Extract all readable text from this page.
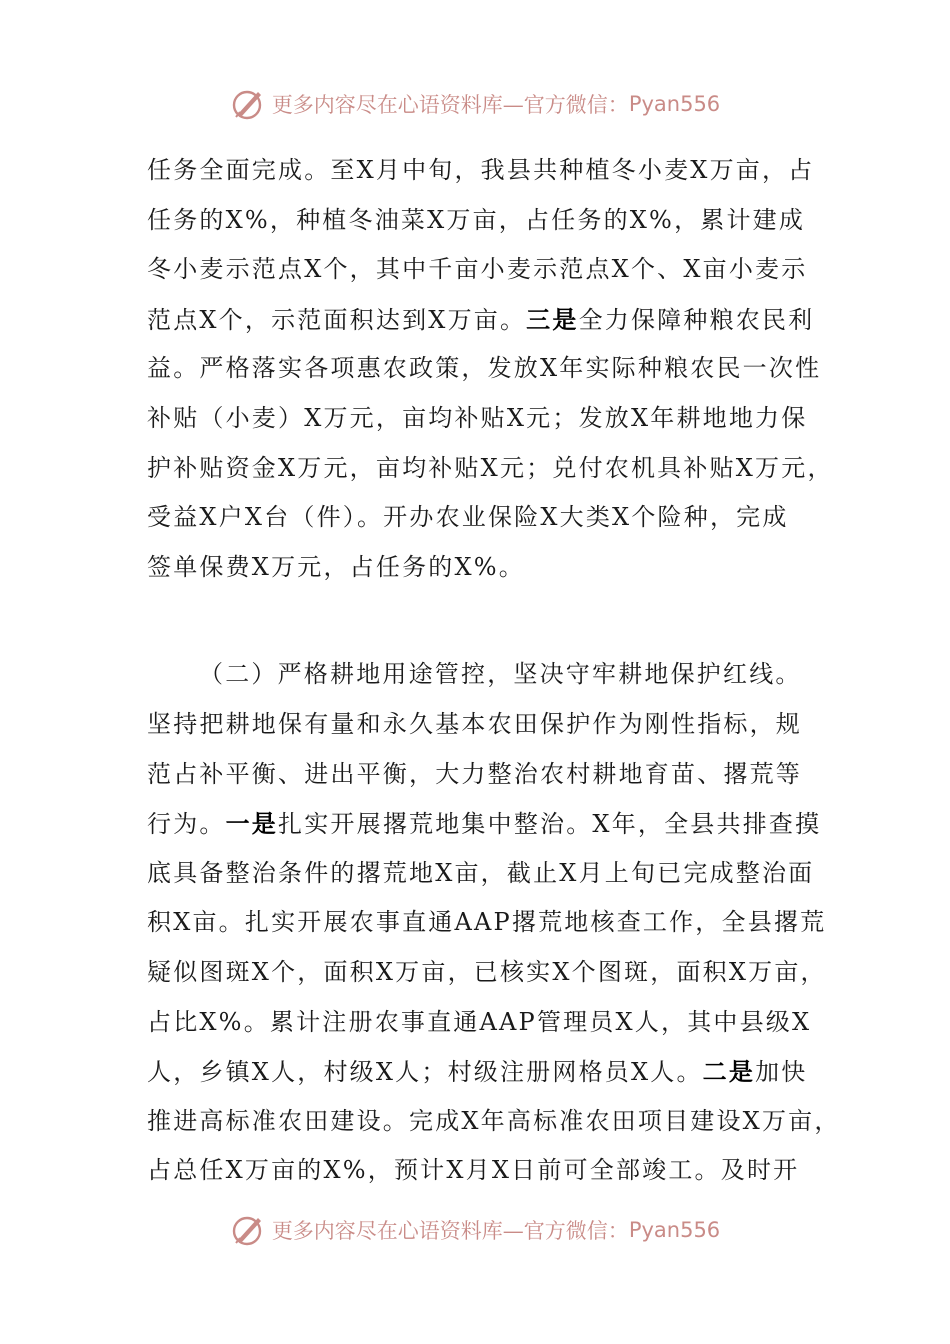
更多内容尽在心语资料库—官方微信： Pyan556
任务全面完成。至X月中旬，我县共种植冬小麦X万亩，占
任务的X%，种植冬油菜X万亩，占任务的X%，累计建成
冬小麦示范点X个，其中千亩小麦示范点X个、X亩小麦示
范点X个，示范面积达到X万亩。三是全力保障种粮农民利
益。严格落实各项惠农政策，发放X年实际种粮农民一次性
补贴（小麦）X万元，亩均补贴X元；发放X年耕地地力保
护补贴资金X万元，亩均补贴X元；兑付农机具补贴X万元，
受益X户X台（件）。开办农业保险X大类X个险种，完成
签单保费X万元，占任务的X%。
（二）严格耕地用途管控，坚决守牢耕地保护红线。
坚持把耕地保有量和永久基本农田保护作为刚性指标，规
范占补平衡、进出平衡，大力整治农村耕地育苗、撂荒等
行为。一是扎实开展撂荒地集中整治。X年，全县共排查摸
底具备整治条件的撂荒地X亩，截止X月上旬已完成整治面
积X亩。扎实开展农事直通AAP撂荒地核查工作，全县撂荒
疑似图斑X个，面积X万亩，已核实X个图斑，面积X万亩，
占比X%。累计注册农事直通AAP管理员X人，其中县级X
人，乡镇X人，村级X人；村级注册网格员X人。二是加快
推进高标准农田建设。完成X年高标准农田项目建设X万亩，
占总任X万亩的X%，预计X月X日前可全部竣工。及时开
更多内容尽在心语资料库—官方微信： Pyan556
